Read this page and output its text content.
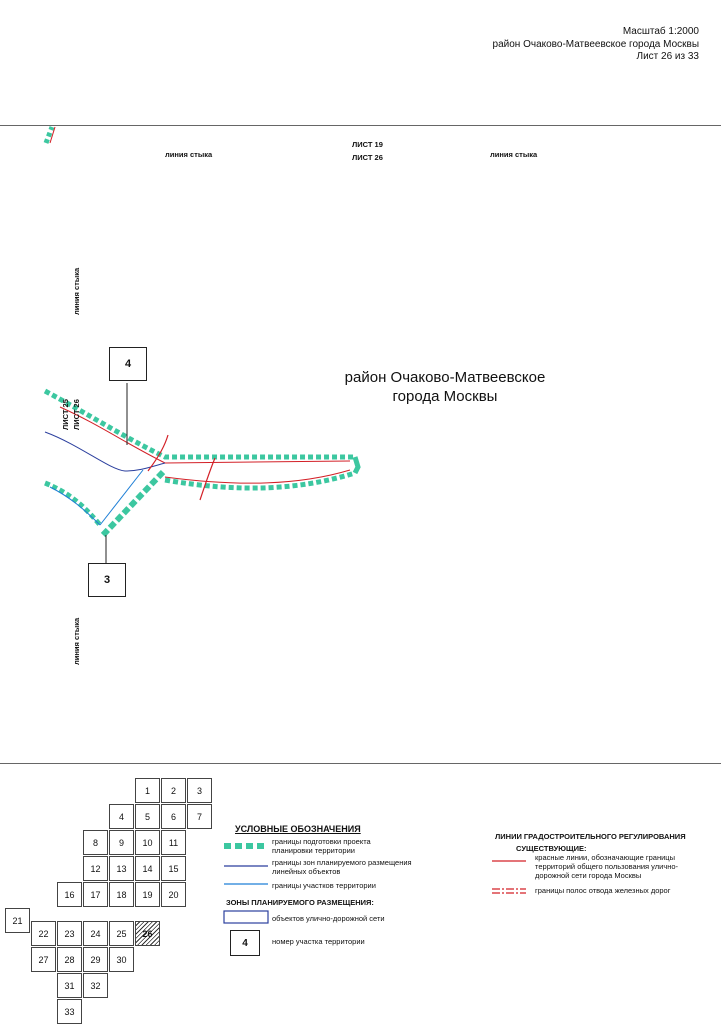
Масштаб 1:2000
район Очаково-Матвеевское города Москвы
Лист 26 из 33
ЛИСТ 19
ЛИСТ 26
линия стыка	линия стыка
линия стыка
линия стыка
ЛИСТ 25 ЛИСТ 26
район Очаково-Матвеевское
города Москвы
4
3
1	2	3
4	5	6	7
8	9	10	11
12	13	14	15
16	17	18	19	20
21
22	23	24	25	26
27	28	29	30
31	32
33
УСЛОВНЫЕ ОБОЗНАЧЕНИЯ
границы подготовки проекта планировки территории
границы зон планируемого размещения линейных объектов
границы участков территории
ЗОНЫ ПЛАНИРУЕМОГО РАЗМЕЩЕНИЯ:
объектов улично-дорожной сети
4	номер участка территории
ЛИНИИ ГРАДОСТРОИТЕЛЬНОГО РЕГУЛИРОВАНИЯ
СУЩЕСТВУЮЩИЕ:
красные линии, обозначающие границы территорий общего пользования улично-дорожной сети города Москвы
границы полос отвода железных дорог
